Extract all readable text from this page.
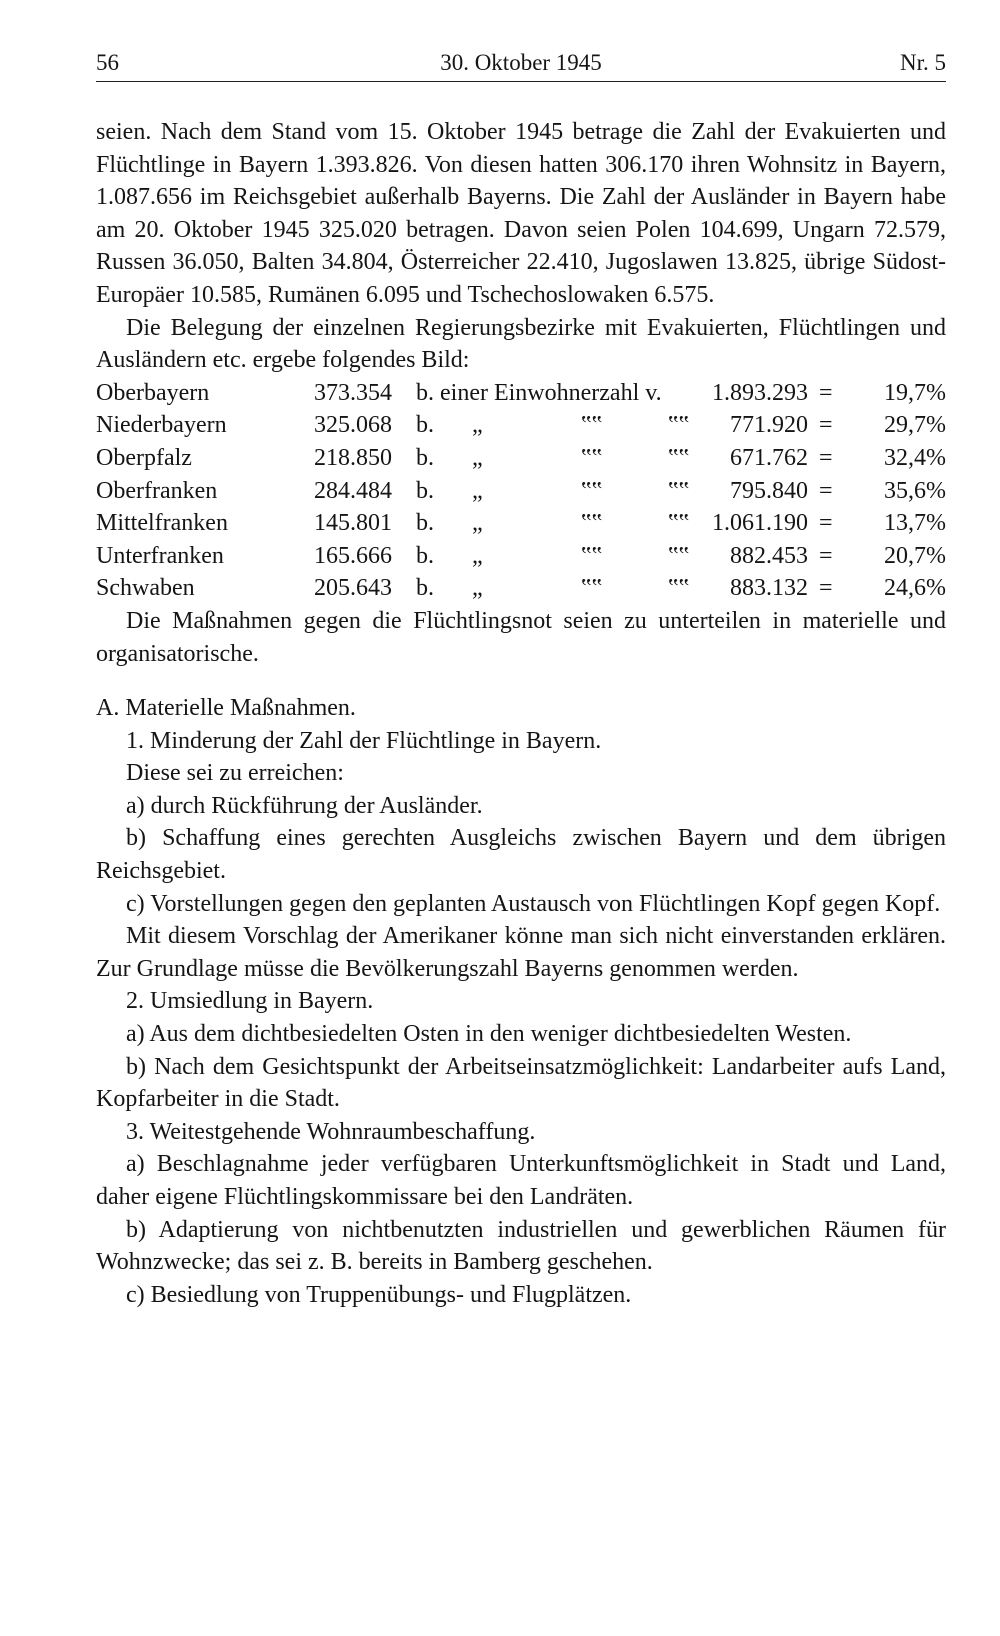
56	30. Oktober 1945	Nr. 5

seien. Nach dem Stand vom 15. Oktober 1945 betrage die Zahl der Evakuierten und Flüchtlinge in Bayern 1.393.826. Von diesen hatten 306.170 ihren Wohnsitz in Bayern, 1.087.656 im Reichsgebiet außerhalb Bayerns. Die Zahl der Ausländer in Bayern habe am 20. Oktober 1945 325.020 betragen. Davon seien Polen 104.699, Ungarn 72.579, Russen 36.050, Balten 34.804, Österreicher 22.410, Jugoslawen 13.825, übrige Südost-Europäer 10.585, Rumänen 6.095 und Tschechoslowaken 6.575.

Die Belegung der einzelnen Regierungsbezirke mit Evakuierten, Flüchtlingen und Ausländern etc. ergebe folgendes Bild:

Oberbayern	373.354 b. einer Einwohnerzahl v.	1.893.293 =	19,7%
Niederbayern	325.068 b. „	‟‟	‟‟	771.920 =	29,7%
Oberpfalz	218.850 b. „	‟‟	‟‟	671.762 =	32,4%
Oberfranken	284.484 b. „	‟‟	‟‟	795.840 =	35,6%
Mittelfranken	145.801 b. „	‟‟	‟‟ 1.061.190 =	13,7%
Unterfranken	165.666 b. „	‟‟	‟‟	882.453 =	20,7%
Schwaben	205.643 b. „	‟‟	‟‟	883.132 =	24,6%

Die Maßnahmen gegen die Flüchtlingsnot seien zu unterteilen in materielle und organisatorische.

A. Materielle Maßnahmen.

1. Minderung der Zahl der Flüchtlinge in Bayern.

Diese sei zu erreichen:

a) durch Rückführung der Ausländer.

b) Schaffung eines gerechten Ausgleichs zwischen Bayern und dem übrigen Reichsgebiet.

c) Vorstellungen gegen den geplanten Austausch von Flüchtlingen Kopf gegen Kopf.

Mit diesem Vorschlag der Amerikaner könne man sich nicht einverstanden erklären. Zur Grundlage müsse die Bevölkerungszahl Bayerns genommen werden.

2. Umsiedlung in Bayern.

a) Aus dem dichtbesiedelten Osten in den weniger dichtbesiedelten Westen.

b) Nach dem Gesichtspunkt der Arbeitseinsatzmöglichkeit: Landarbeiter aufs Land, Kopfarbeiter in die Stadt.

3. Weitestgehende Wohnraumbeschaffung.

a) Beschlagnahme jeder verfügbaren Unterkunftsmöglichkeit in Stadt und Land, daher eigene Flüchtlingskommissare bei den Landräten.

b) Adaptierung von nichtbenutzten industriellen und gewerblichen Räumen für Wohnzwecke; das sei z. B. bereits in Bamberg geschehen.

c) Besiedlung von Truppenübungs- und Flugplätzen.
